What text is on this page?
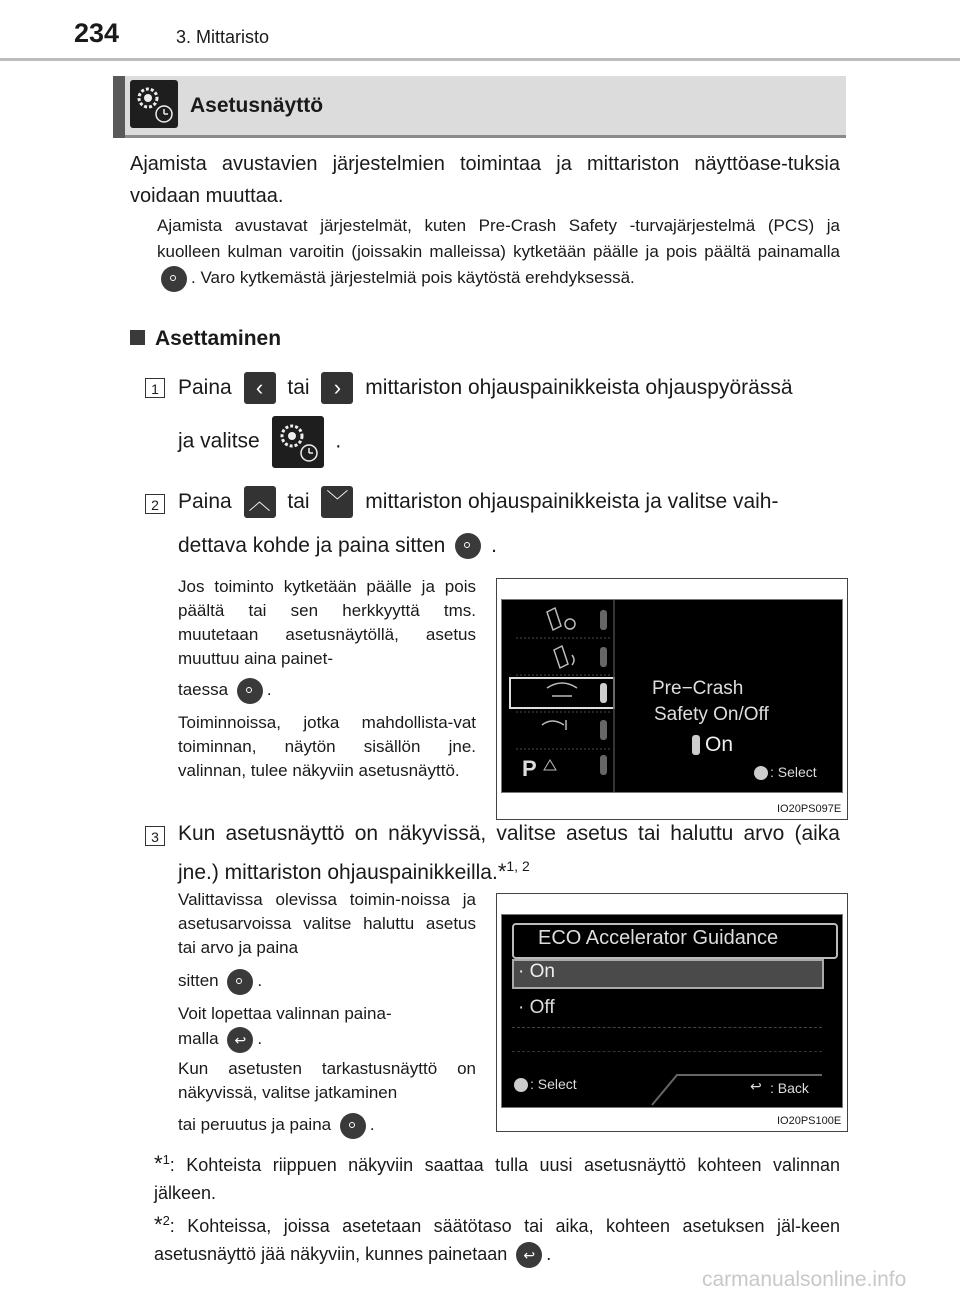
234	3. Mittaristo
Asetusnäyttö
Ajamista avustavien järjestelmien toimintaa ja mittariston näyttöase-tuksia voidaan muuttaa.
Ajamista avustavat järjestelmät, kuten Pre-Crash Safety -turvajärjestelmä (PCS) ja kuolleen kulman varoitin (joissakin malleissa) kytketään päälle ja pois päältä painamalla . Varo kytkemästä järjestelmiä pois käytöstä erehdyksessä.
Asettaminen
1 Paina ‹ tai › mittariston ohjauspainikkeista ohjauspyörässä
ja valitse	.
2 Paina ︿ tai ﹀ mittariston ohjauspainikkeista ja valitse vaih-
dettava kohde ja paina sitten .
Jos toiminto kytketään päälle ja pois päältä tai sen herkkyyttä tms. muutetaan asetusnäytöllä, asetus muuttuu aina painet-
taessa .
Toiminnoissa, jotka mahdollista-vat toiminnan, näytön sisällön jne. valinnan, tulee näkyviin asetusnäyttö.	P
Pre−Crash
Safety On/Off
On
: Select
IO20PS097E
3 Kun asetusnäyttö on näkyvissä, valitse asetus tai haluttu arvo (aika jne.) mittariston ohjauspainikkeilla.*$^{1, 2}$
Valittavissa olevissa toimin-noissa ja asetusarvoissa valitse haluttu asetus tai arvo ja paina
sitten .
Voit lopettaa valinnan paina-
malla ↩ .
Kun asetusten tarkastusnäyttö on näkyvissä, valitse jatkaminen
tai peruutus ja paina .
ECO Accelerator Guidance
· On
· Off
: Select	↩ : Back
IO20PS100E
*$^1$: Kohteista riippuen näkyviin saattaa tulla uusi asetusnäyttö kohteen valinnan jälkeen.
*$^2$: Kohteissa, joissa asetetaan säätötaso tai aika, kohteen asetuksen jäl-keen asetusnäyttö jää näkyviin, kunnes painetaan ↩ .
carmanualsonline.info
